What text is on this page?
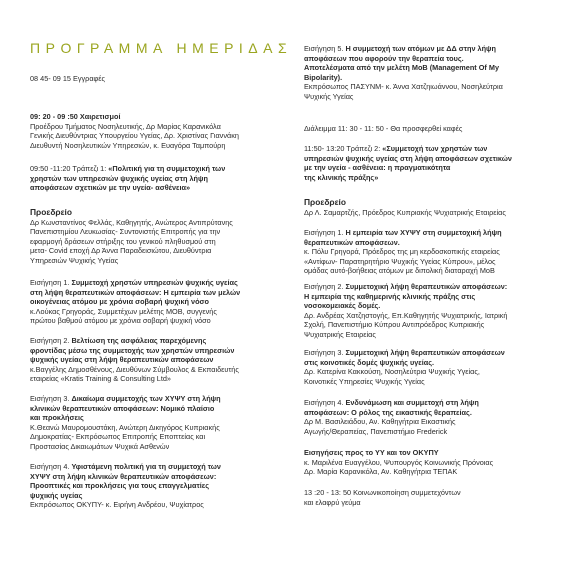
ΠΡΟΓΡΑΜΜΑ ΗΜΕΡΙΔΑΣ
08 45- 09 15 Εγγραφές
09: 20 - 09 :50 Χαιρετισμοί
Προέδρου Τμήματος Νοσηλευτικής, Δρ Μαρίας Καρανικόλα
Γενικής Διευθύντριας Υπουργείου Υγείας, Δρ. Χριστίνας Γιαννάκη
Διευθυντή Νοσηλευτικών Υπηρεσιών, κ. Ευαγόρα Ταμπούρη
09:50 -11:20 Τράπεζι 1: «Πολιτική για τη συμμετοχική των
χρηστών των υπηρεσιών ψυχικής υγείας στη λήψη
αποφάσεων σχετικών με την υγεία- ασθένεια»
Προεδρείο
Δρ Κωνσταντίνος Φελλάς, Καθηγητής, Ανώτερος Αντιπρύτανης
Πανεπιστημίου Λευκωσίας- Συντονιστής Επιτροπής για την
εφαρμογή δράσεων στήριξης του γενικού πληθυσμού στη
μετα- Covid εποχή Δρ Άννα Παραδεισιώτου, Διευθύντρια
Υπηρεσιών Ψυχικής Υγείας
Εισήγηση 1. Συμμετοχή χρηστών υπηρεσιών ψυχικής υγείας
στη λήψη θεραπευτικών αποφάσεων: Η εμπειρία των μελών
οικογένειας ατόμου με χρόνια σοβαρή ψυχική νόσο
κ.Λούκας Γρηγοράς, Συμμετέχων μελέτης MOB, συγγενής
πρώτου βαθμού ατόμου με χρόνια σοβαρή ψυχική νόσο
Εισήγηση 2. Βελτίωση της ασφάλειας παρεχόμενης
φροντίδας μέσω της συμμετοχής των χρηστών υπηρεσιών
ψυχικής υγείας στη λήψη θεραπευτικών αποφάσεων
κ.Βαγγέλης Δημοσθένους, Διευθύνων Σύμβουλος & Εκπαιδευτής
εταιρείας «Kratis Training & Consulting Ltd»
Εισήγηση 3. Δικαίωμα συμμετοχής των ΧΥΨΥ στη λήψη
κλινικών θεραπευτικών αποφάσεων: Νομικό πλαίσιο
και προκλήσεις
Κ.Θεανώ Μαυρομουστάκη, Ανώτερη Δικηγόρος Κυπριακής
Δημοκρατίας- Εκπρόσωπος Επιτροπής Εποπτείας και
Προστασίας Δικαιωμάτων Ψυχικά Ασθενών
Εισήγηση 4. Υφιστάμενη πολιτική για τη συμμετοχή των
ΧΥΨΥ στη λήψη κλινικών θεραπευτικών αποφάσεων:
Προοπτικές και προκλήσεις για τους επαγγελματίες
ψυχικής υγείας
Εκπρόσωπος ΟΚΥΠΥ- κ. Ειρήνη Ανδρέου, Ψυχίατρος
Εισήγηση 5. Η συμμετοχή των ατόμων με ΔΔ στην λήψη
αποφάσεων που αφορούν την θεραπεία τους.
Αποτελέσματα από την μελέτη MoB (Management Of My
Bipolarity).
Εκπρόσωπος ΠΑΣΥΝΜ- κ. Άννα Χατζηιωάννου, Νοσηλεύτρια
Ψυχικής Υγείας
Διάλειμμα 11: 30 - 11: 50 - Θα προσφερθεί καφές
11:50- 13:20 Τράπεζι 2: «Συμμετοχή των χρηστών των
υπηρεσιών ψυχικής υγείας στη λήψη αποφάσεων σχετικών
με την υγεία - ασθένεια: η πραγματικότητα
της κλινικής πράξης»
Προεδρείο
Δρ Λ. Σαμαρτζής, Πρόεδρος Κυπριακής Ψυχιατρικής Εταιρείας
Εισήγηση 1. Η εμπειρία των ΧΥΨΥ στη συμμετοχική λήψη
θεραπευτικών αποφάσεων.
κ. Πόλυ Γρηγορά, Πρόεδρος της μη κερδοσκοπικής εταιρείας
«Αντίφων- Παρατηρητήριο Ψυχικής Υγείας Κύπρου», μέλος
ομάδας αυτό-βοήθειας ατόμων με διπολική διαταραχή MoB
Εισήγηση 2. Συμμετοχική λήψη θεραπευτικών αποφάσεων:
Η εμπειρία της καθημερινής κλινικής πράξης στις
νοσοκομειακές δομές.
Δρ. Ανδρέας Χατζηστογής, Επ.Καθηγητής Ψυχιατρικής, Ιατρική
Σχολή, Πανεπιστήμιο Κύπρου Αντιπρόεδρος Κυπριακής
Ψυχιατρικής Εταιρείας
Εισήγηση 3. Συμμετοχική λήψη θεραπευτικών αποφάσεων
στις κοινοτικές δομές ψυχικής υγείας.
Δρ. Κατερίνα Κακκούση, Νοσηλεύτρια Ψυχικής Υγείας,
Κοινοτικές Υπηρεσίες Ψυχικής Υγείας
Εισήγηση 4. Ενδυνάμωση και συμμετοχή στη λήψη
αποφάσεων: Ο ρόλος της εικαστικής θεραπείας.
Δρ Μ. Βασιλειάδου, Αν. Καθηγήτρια Εικαστικής
Αγωγής/Θεραπείας, Πανεπιστήμιο Frederick
Εισηγήσεις προς το ΥΥ και τον ΟΚΥΠΥ
κ. Μαριλένα Ευαγγέλου, Ψυπουργός Κοινωνικής Πρόνοιας
Δρ. Μαρία Καρανικόλα, Αν. Καθηγήτρια ΤΕΠΑΚ
13 :20 - 13: 50 Κοινωνικοποίηση συμμετεχόντων
και ελαφρύ γεύμα
